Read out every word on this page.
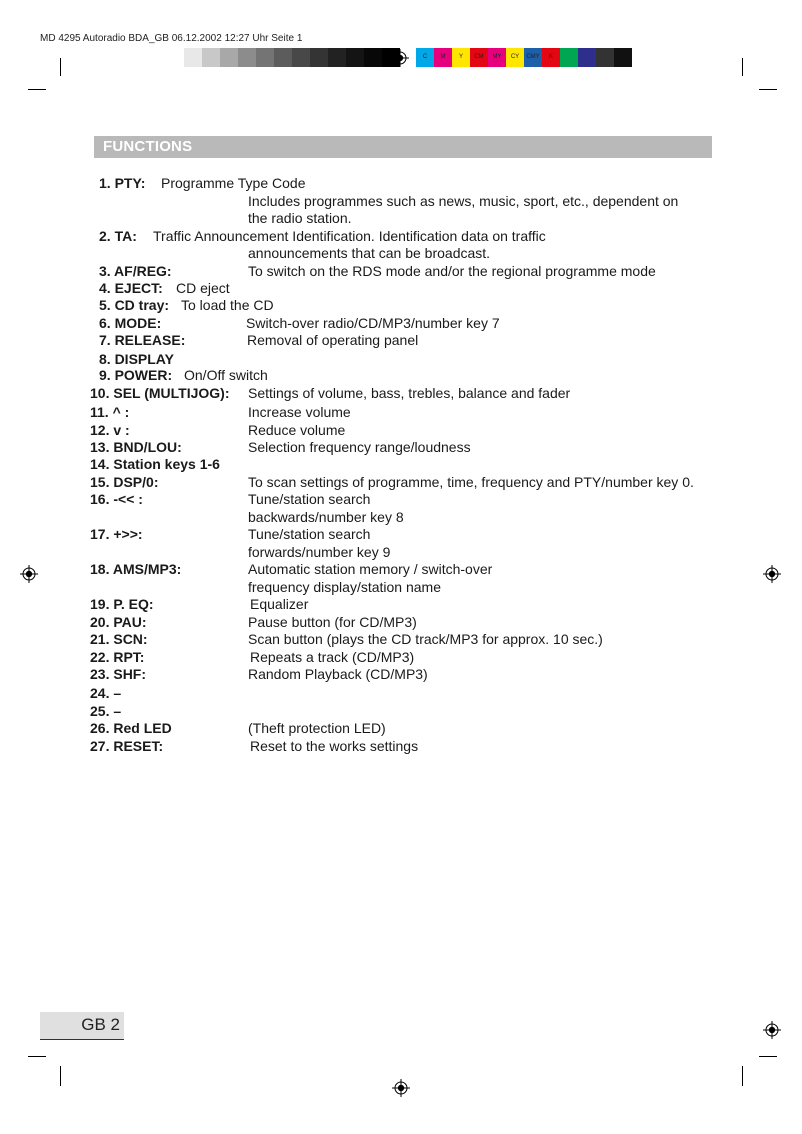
MD 4295 Autoradio BDA_GB 06.12.2002 12:27 Uhr Seite 1
C	M	Y	CM	MY	CY	CMY	K
FUNCTIONS
1. PTY: Programme Type Code
Includes programmes such as news, music, sport, etc., dependent on
the radio station.
2. TA: Traffic Announcement Identification. Identification data on traffic
announcements that can be broadcast.
3. AF/REG:	To switch on the RDS mode and/or the regional programme mode
4. EJECT: CD eject
5. CD tray: To load the CD
6. MODE:	Switch-over radio/CD/MP3/number key 7
7. RELEASE:	Removal of operating panel
8. DISPLAY
9. POWER: On/Off switch
10. SEL (MULTIJOG): Settings of volume, bass, trebles, balance and fader
11. ^ :	Increase volume
12. v :	Reduce volume
13. BND/LOU:	Selection frequency range/loudness
14. Station keys 1-6
15. DSP/0:	To scan settings of programme, time, frequency and PTY/number key 0.
16. -<< :	Tune/station search
backwards/number key 8
17. +>>:	Tune/station search
forwards/number key 9
18. AMS/MP3:	Automatic station memory / switch-over
frequency display/station name
19. P. EQ:	Equalizer
20. PAU:	Pause button (for CD/MP3)
21. SCN:	Scan button (plays the CD track/MP3 for approx. 10 sec.)
22. RPT:	Repeats a track (CD/MP3)
23. SHF:	Random Playback (CD/MP3)
24. –
25. –
26. Red LED	(Theft protection LED)
27. RESET:	Reset to the works settings
GB 2
